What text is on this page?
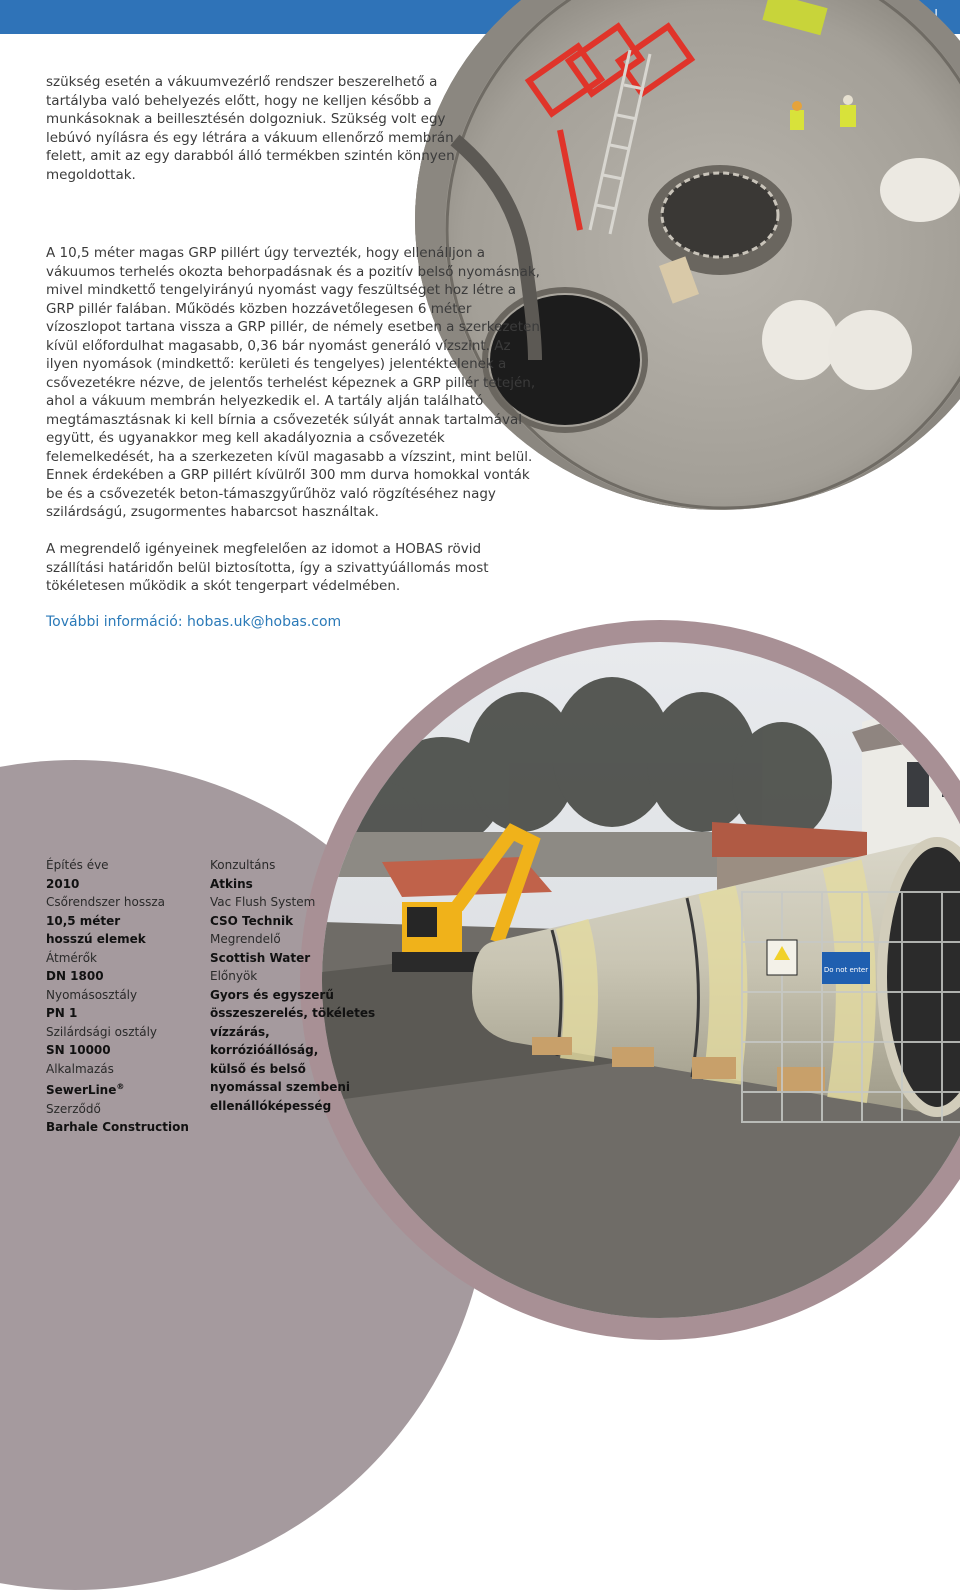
Do not enter

szükség esetén a vákuumvezérlő rendszer beszerelhető a tartályba való behelyezés előtt, hogy ne kelljen később a munkásoknak a beillesztésén dolgozniuk. Szükség volt egy lebúvó nyílásra és egy létrára a vákuum ellenőrző membrán felett, amit az egy darabból álló termékben szintén könnyen megoldottak.

A 10,5 méter magas GRP pillért úgy tervezték, hogy ellenálljon a vákuumos terhelés okozta behorpadásnak és a pozitív belső nyomásnak, mivel mindkettő tengelyirányú nyomást vagy feszültséget hoz létre a GRP pillér falában. Működés közben hozzávetőlegesen 6 méter vízoszlopot tartana vissza a GRP pillér, de némely esetben a szerkezeten kívül előfordulhat magasabb, 0,36 bár nyomást generáló vízszint. Az ilyen nyomások (mindkettő: kerületi és tengelyes) jelentéktelenek a csővezetékre nézve, de jelentős terhelést képeznek a GRP pillér tetején, ahol a vákuum membrán helyezkedik el. A tartály alján található megtámasztásnak ki kell bírnia a csővezeték súlyát annak tartalmával együtt, és ugyanakkor meg kell akadályoznia a csővezeték felemelkedését, ha a szerkezeten kívül magasabb a vízszint, mint belül. Ennek érdekében a GRP pillért kívülről 300 mm durva homokkal vonták be és a csővezeték beton-támaszgyűrűhöz való rögzítéséhez nagy szilárdságú, zsugormentes habarcsot használtak.

A megrendelő igényeinek megfelelően az idomot a HOBAS rövid szállítási határidőn belül biztosította, így a szivattyúállomás most tökéletesen működik a skót tengerpart védelmében.

További információ: hobas.uk@hobas.com
Építés éve
2010
Csőrendszer hossza
10,5 méter
hosszú elemek
Átmérők
DN 1800
Nyomásosztály
PN 1
Szilárdsági osztály
SN 10000
Alkalmazás
SewerLine®
Szerződő
Barhale Construction
Konzultáns
Atkins
Vac Flush System
CSO Technik
Megrendelő
Scottish Water
Előnyök
Gyors és egyszerű
összeszerelés, tökéletes
vízzárás,
korrózióállóság,
külső és belső
nyomással szembeni
ellenállóképesség
